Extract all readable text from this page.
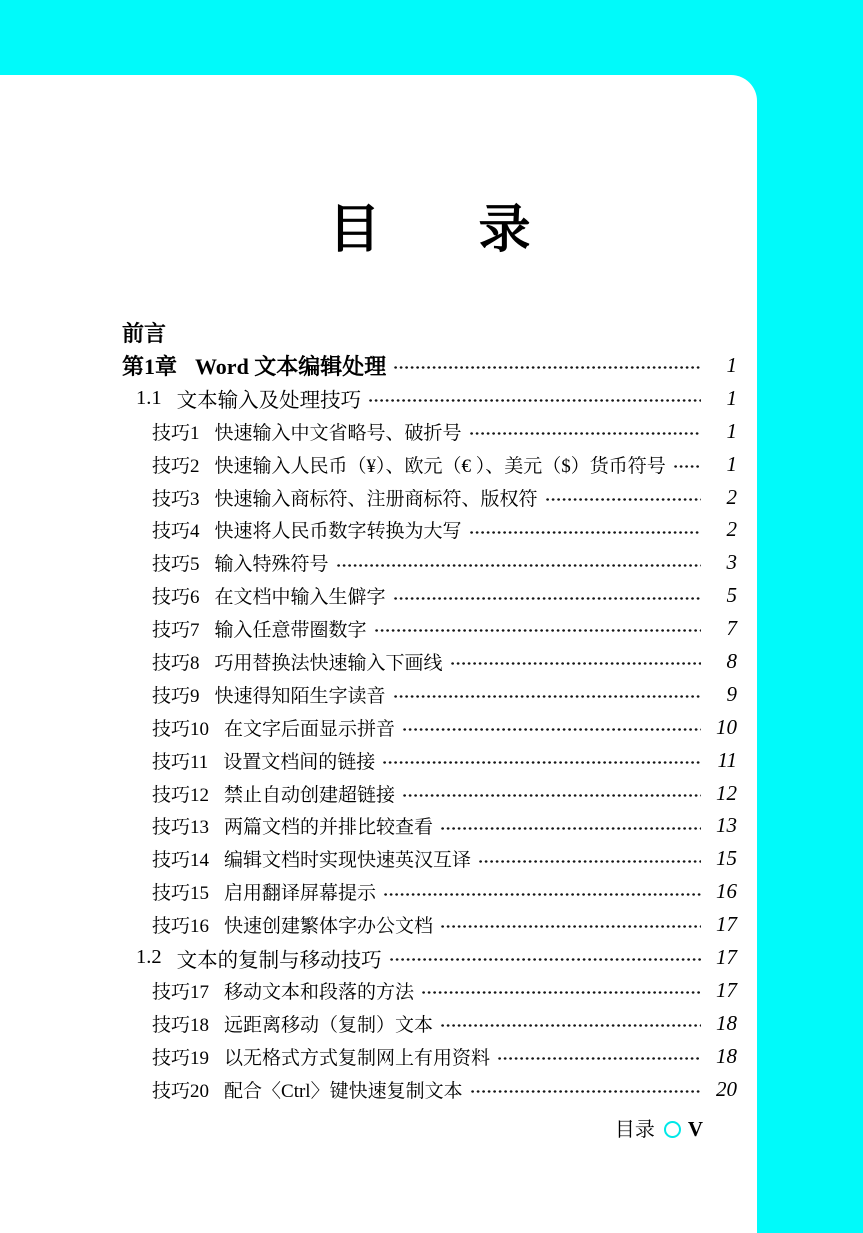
目 录
前言
第1章 Word 文本编辑处理	1
1.1 文本输入及处理技巧	1
技巧1 快速输入中文省略号、破折号	1
技巧2 快速输入人民币（¥）、欧元（€ ）、美元（$）货币符号	1
技巧3 快速输入商标符、注册商标符、版权符	2
技巧4 快速将人民币数字转换为大写	2
技巧5 输入特殊符号	3
技巧6 在文档中输入生僻字	5
技巧7 输入任意带圈数字	7
技巧8 巧用替换法快速输入下画线	8
技巧9 快速得知陌生字读音	9
技巧10 在文字后面显示拼音	10
技巧11 设置文档间的链接	11
技巧12 禁止自动创建超链接	12
技巧13 两篇文档的并排比较查看	13
技巧14 编辑文档时实现快速英汉互译	15
技巧15 启用翻译屏幕提示	16
技巧16 快速创建繁体字办公文档	17
1.2 文本的复制与移动技巧	17
技巧17 移动文本和段落的方法	17
技巧18 远距离移动（复制）文本	18
技巧19 以无格式方式复制网上有用资料	18
技巧20 配合〈Ctrl〉键快速复制文本	20
目录 V
